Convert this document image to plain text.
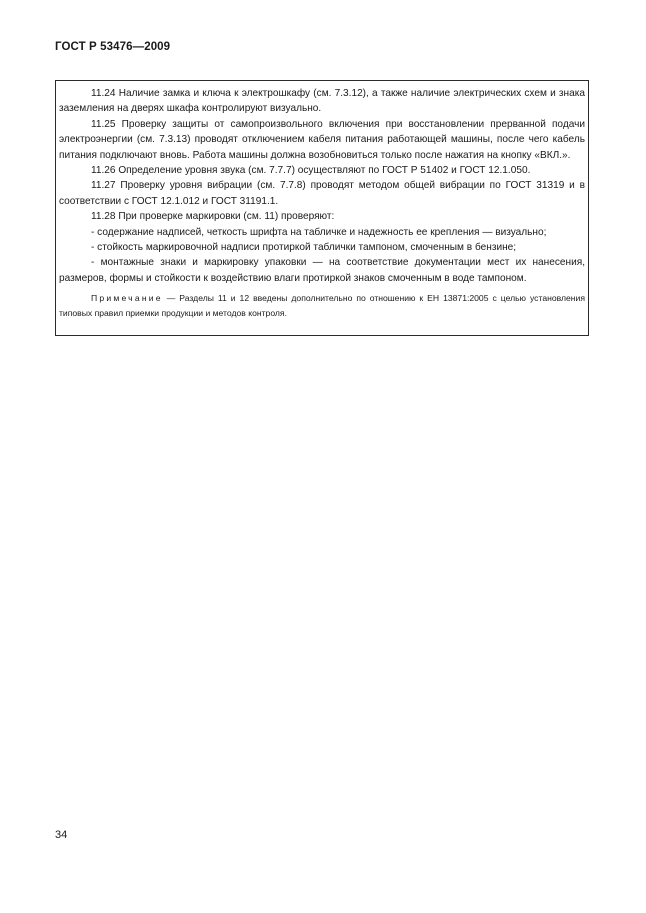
ГОСТ Р 53476—2009

11.24 Наличие замка и ключа к электрошкафу (см. 7.3.12), а также наличие электрических схем и знака заземления на дверях шкафа контролируют визуально.

11.25 Проверку защиты от самопроизвольного включения при восстановлении прерванной подачи электроэнергии (см. 7.3.13) проводят отключением кабеля питания работающей машины, после чего кабель питания подключают вновь. Работа машины должна возобновиться только после нажатия на кнопку «ВКЛ.».

11.26 Определение уровня звука (см. 7.7.7) осуществляют по ГОСТ Р 51402 и ГОСТ 12.1.050.

11.27 Проверку уровня вибрации (см. 7.7.8) проводят методом общей вибрации по ГОСТ 31319 и в соответствии с ГОСТ 12.1.012 и ГОСТ 31191.1.

11.28 При проверке маркировки (см. 11) проверяют:

- содержание надписей, четкость шрифта на табличке и надежность ее крепления — визуально;

- стойкость маркировочной надписи протиркой таблички тампоном, смоченным в бензине;

- монтажные знаки и маркировку упаковки — на соответствие документации мест их нанесения, размеров, формы и стойкости к воздействию влаги протиркой знаков смоченным в воде тампоном.

Примечание — Разделы 11 и 12 введены дополнительно по отношению к ЕН 13871:2005 с целью установления типовых правил приемки продукции и методов контроля.

34
